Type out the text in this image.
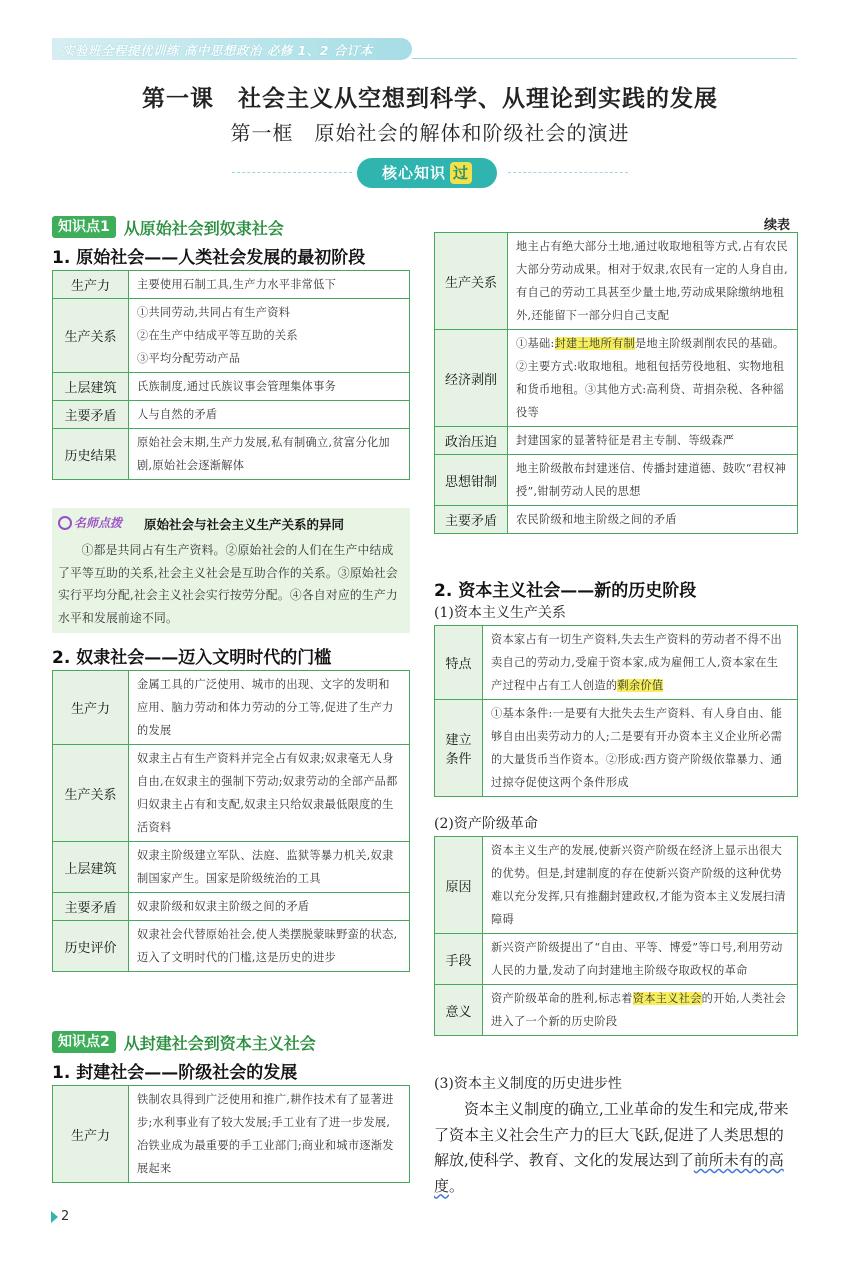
实验班全程提优训练 高中思想政治 必修 1、2 合订本
第一课　社会主义从空想到科学、从理论到实践的发展
第一框　原始社会的解体和阶级社会的演进
核心知识 过
知识点1 从原始社会到奴隶社会
1. 原始社会——人类社会发展的最初阶段
生产力	主要使用石制工具,生产力水平非常低下
生产关系	①共同劳动,共同占有生产资料
②在生产中结成平等互助的关系
③平均分配劳动产品
上层建筑	氏族制度,通过氏族议事会管理集体事务
主要矛盾	人与自然的矛盾
历史结果	原始社会末期,生产力发展,私有制确立,贫富分化加剧,原始社会逐渐解体
名师点拨 原始社会与社会主义生产关系的异同
①都是共同占有生产资料。②原始社会的人们在生产中结成了平等互助的关系,社会主义社会是互助合作的关系。③原始社会实行平均分配,社会主义社会实行按劳分配。④各自对应的生产力水平和发展前途不同。
2. 奴隶社会——迈入文明时代的门槛
生产力	金属工具的广泛使用、城市的出现、文字的发明和应用、脑力劳动和体力劳动的分工等,促进了生产力的发展
生产关系	奴隶主占有生产资料并完全占有奴隶;奴隶毫无人身自由,在奴隶主的强制下劳动;奴隶劳动的全部产品都归奴隶主占有和支配,奴隶主只给奴隶最低限度的生活资料
上层建筑	奴隶主阶级建立军队、法庭、监狱等暴力机关,奴隶制国家产生。国家是阶级统治的工具
主要矛盾	奴隶阶级和奴隶主阶级之间的矛盾
历史评价	奴隶社会代替原始社会,使人类摆脱蒙昧野蛮的状态,迈入了文明时代的门槛,这是历史的进步
知识点2 从封建社会到资本主义社会
1. 封建社会——阶级社会的发展
生产力	铁制农具得到广泛使用和推广,耕作技术有了显著进步;水利事业有了较大发展;手工业有了进一步发展,冶铁业成为最重要的手工业部门;商业和城市逐渐发展起来
续表
生产关系	地主占有绝大部分土地,通过收取地租等方式,占有农民大部分劳动成果。相对于奴隶,农民有一定的人身自由,有自己的劳动工具甚至少量土地,劳动成果除缴纳地租外,还能留下一部分归自己支配
经济剥削	①基础:封建土地所有制是地主阶级剥削农民的基础。②主要方式:收取地租。地租包括劳役地租、实物地租和货币地租。③其他方式:高利贷、苛捐杂税、各种徭役等
政治压迫	封建国家的显著特征是君主专制、等级森严
思想钳制	地主阶级散布封建迷信、传播封建道德、鼓吹“君权神授”,钳制劳动人民的思想
主要矛盾	农民阶级和地主阶级之间的矛盾
2. 资本主义社会——新的历史阶段
(1)资本主义生产关系
特点	资本家占有一切生产资料,失去生产资料的劳动者不得不出卖自己的劳动力,受雇于资本家,成为雇佣工人,资本家在生产过程中占有工人创造的剩余价值
建立
条件	①基本条件:一是要有大批失去生产资料、有人身自由、能够自由出卖劳动力的人;二是要有开办资本主义企业所必需的大量货币当作资本。②形成:西方资产阶级依靠暴力、通过掠夺促使这两个条件形成
(2)资产阶级革命
原因	资本主义生产的发展,使新兴资产阶级在经济上显示出很大的优势。但是,封建制度的存在使新兴资产阶级的这种优势难以充分发挥,只有推翻封建政权,才能为资本主义发展扫清障碍
手段	新兴资产阶级提出了“自由、平等、博爱”等口号,利用劳动人民的力量,发动了向封建地主阶级夺取政权的革命
意义	资产阶级革命的胜利,标志着资本主义社会的开始,人类社会进入了一个新的历史阶段
(3)资本主义制度的历史进步性
资本主义制度的确立,工业革命的发生和完成,带来了资本主义社会生产力的巨大飞跃,促进了人类思想的解放,使科学、教育、文化的发展达到了前所未有的高度。
2
